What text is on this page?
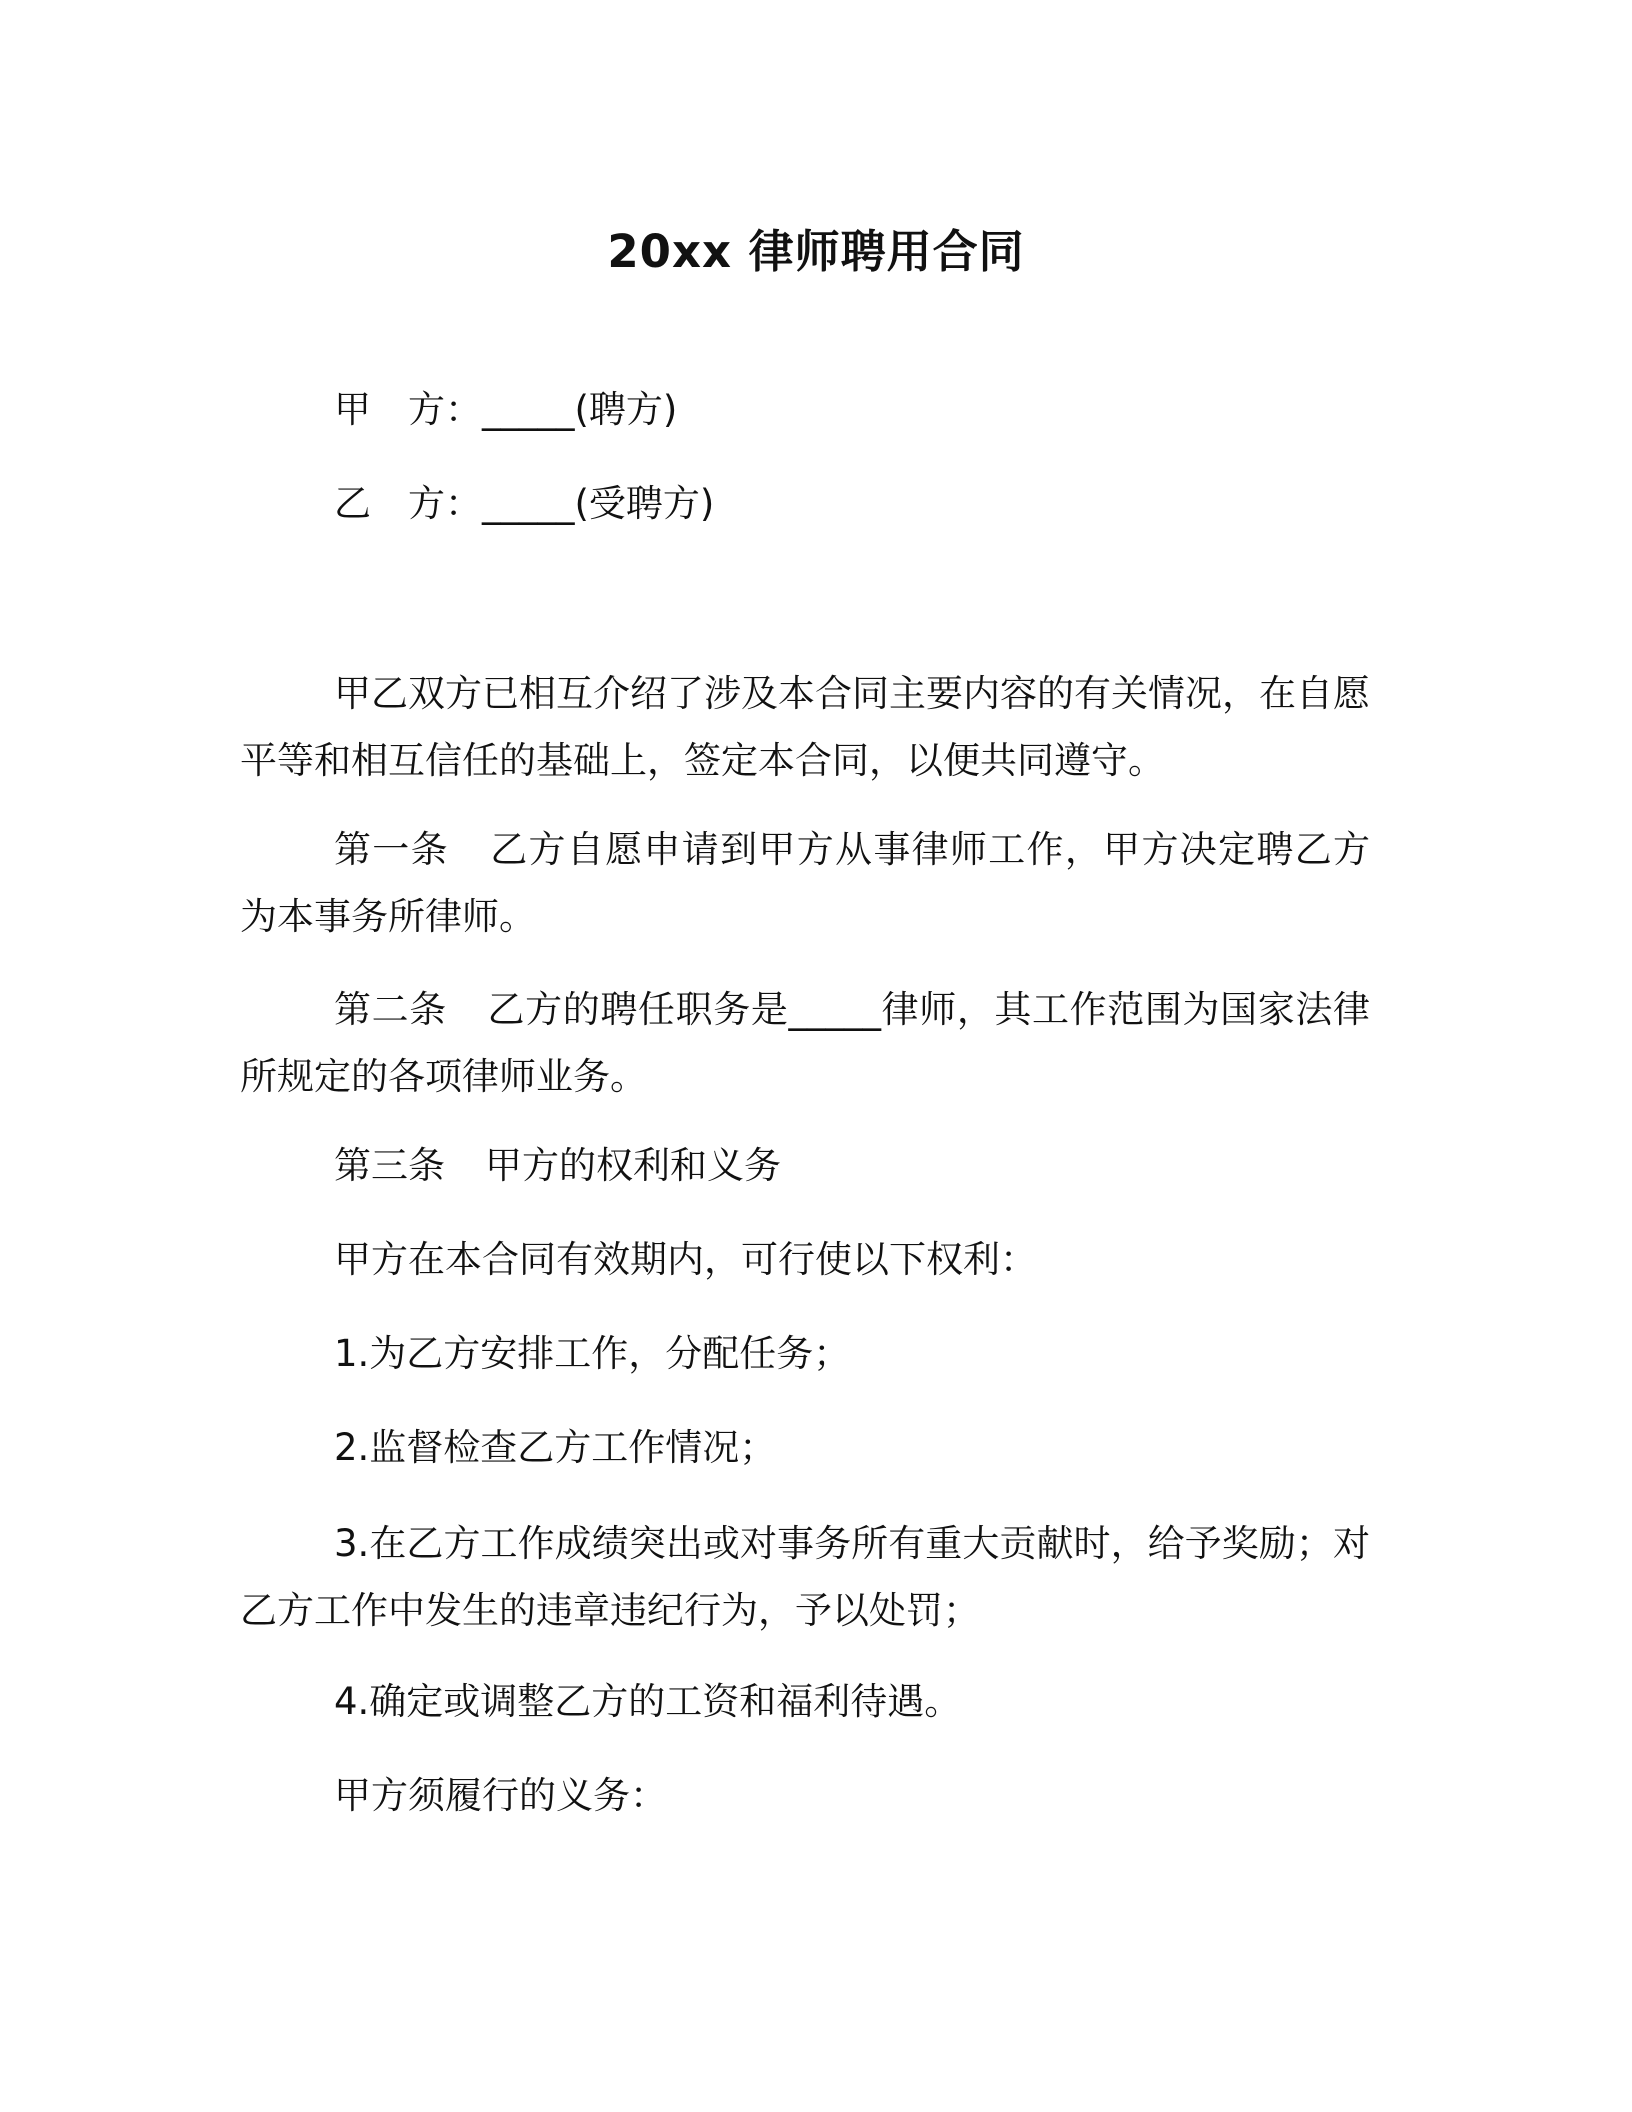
20xx 律师聘用合同
甲 方：_____(聘方)
乙 方：_____(受聘方)
甲乙双方已相互介绍了涉及本合同主要内容的有关情况，在自愿平等和相互信任的基础上，签定本合同，以便共同遵守。
第一条 乙方自愿申请到甲方从事律师工作，甲方决定聘乙方为本事务所律师。
第二条 乙方的聘任职务是_____律师，其工作范围为国家法律所规定的各项律师业务。
第三条 甲方的权利和义务
甲方在本合同有效期内，可行使以下权利：
1.为乙方安排工作，分配任务；
2.监督检查乙方工作情况；
3.在乙方工作成绩突出或对事务所有重大贡献时，给予奖励；对乙方工作中发生的违章违纪行为，予以处罚；
4.确定或调整乙方的工资和福利待遇。
甲方须履行的义务：
